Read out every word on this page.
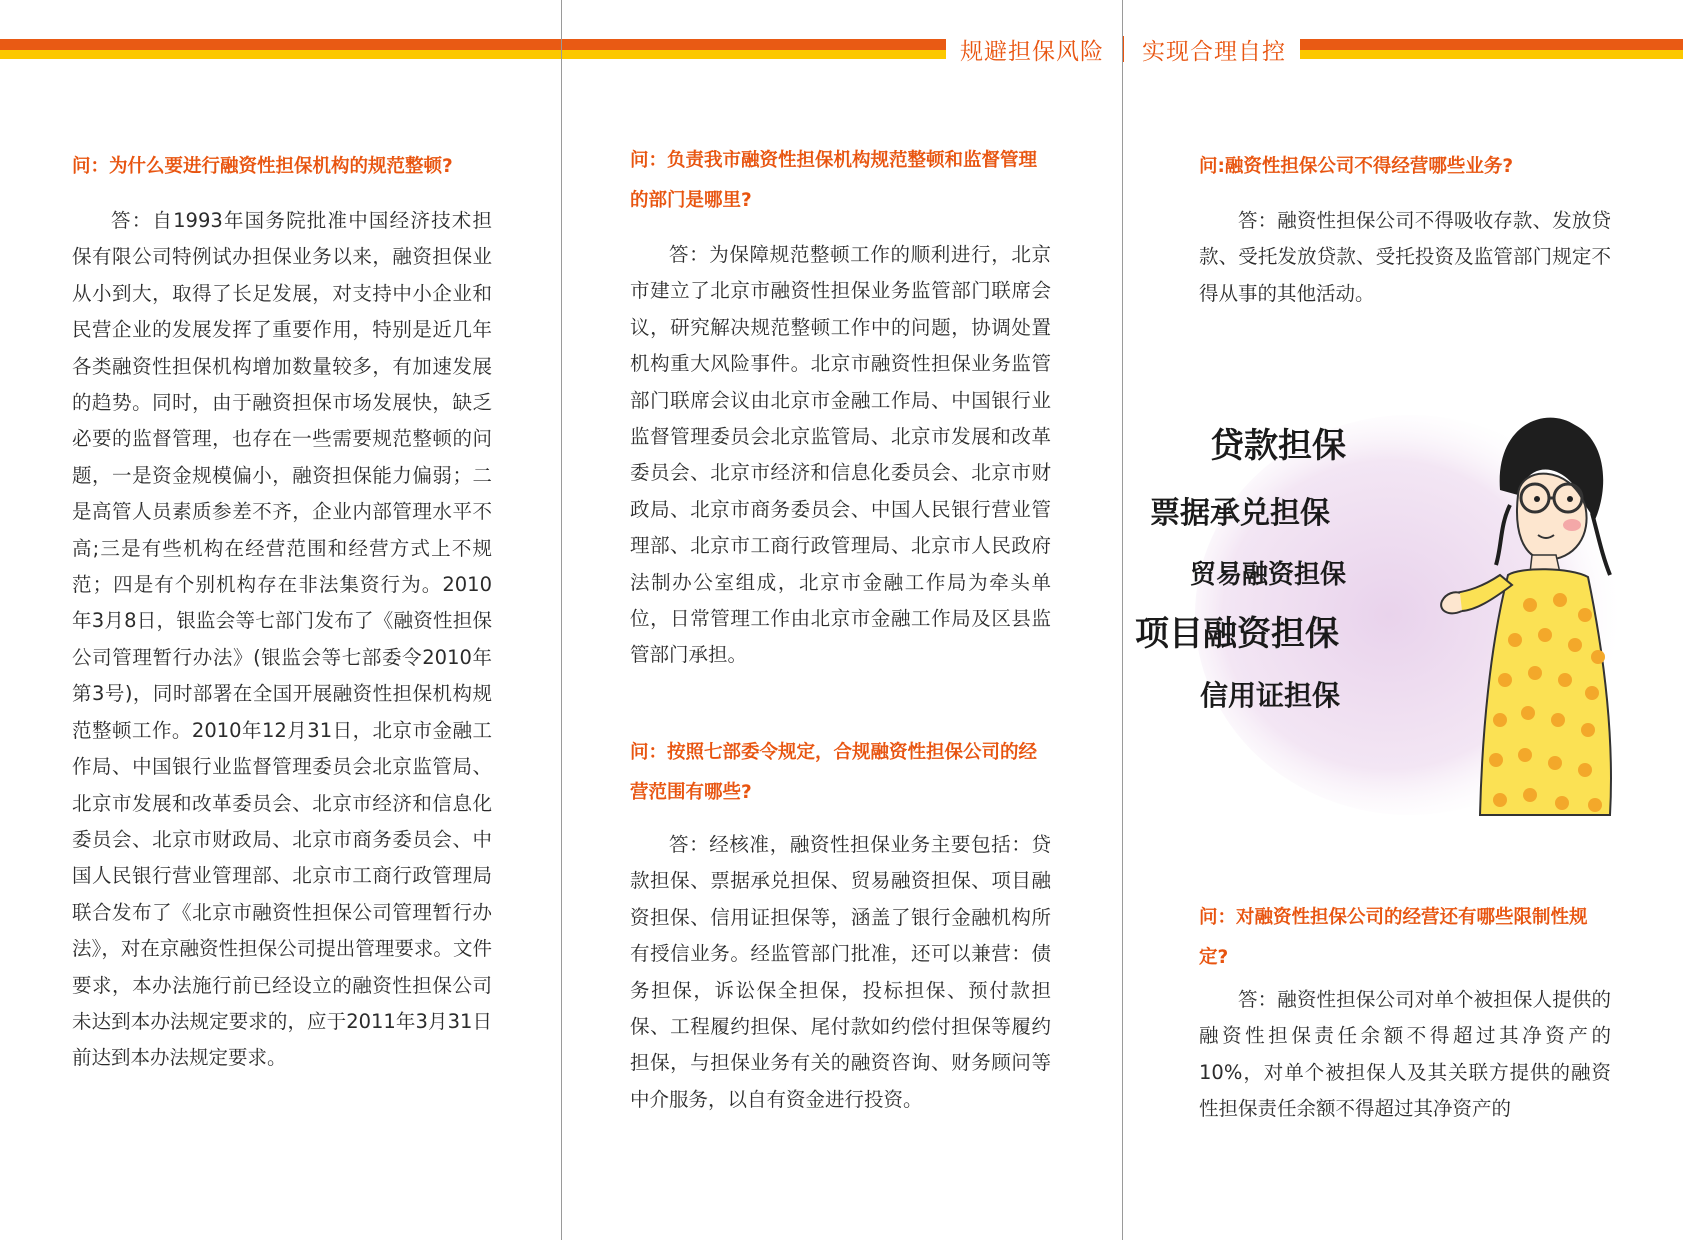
规避担保风险 实现合理自控

问：为什么要进行融资性担保机构的规范整顿?

答：自1993年国务院批准中国经济技术担保有限公司特例试办担保业务以来，融资担保业从小到大，取得了长足发展，对支持中小企业和民营企业的发展发挥了重要作用，特别是近几年各类融资性担保机构增加数量较多，有加速发展的趋势。同时，由于融资担保市场发展快，缺乏必要的监督管理，也存在一些需要规范整顿的问题，一是资金规模偏小，融资担保能力偏弱；二是高管人员素质参差不齐，企业内部管理水平不高;三是有些机构在经营范围和经营方式上不规范；四是有个别机构存在非法集资行为。2010年3月8日，银监会等七部门发布了《融资性担保公司管理暂行办法》(银监会等七部委令2010年第3号)，同时部署在全国开展融资性担保机构规范整顿工作。2010年12月31日，北京市金融工作局、中国银行业监督管理委员会北京监管局、北京市发展和改革委员会、北京市经济和信息化委员会、北京市财政局、北京市商务委员会、中国人民银行营业管理部、北京市工商行政管理局联合发布了《北京市融资性担保公司管理暂行办法》，对在京融资性担保公司提出管理要求。文件要求，本办法施行前已经设立的融资性担保公司未达到本办法规定要求的，应于2011年3月31日前达到本办法规定要求。

问：负责我市融资性担保机构规范整顿和监督管理的部门是哪里?

答：为保障规范整顿工作的顺利进行，北京市建立了北京市融资性担保业务监管部门联席会议，研究解决规范整顿工作中的问题，协调处置机构重大风险事件。北京市融资性担保业务监管部门联席会议由北京市金融工作局、中国银行业监督管理委员会北京监管局、北京市发展和改革委员会、北京市经济和信息化委员会、北京市财政局、北京市商务委员会、中国人民银行营业管理部、北京市工商行政管理局、北京市人民政府法制办公室组成，北京市金融工作局为牵头单位，日常管理工作由北京市金融工作局及区县监管部门承担。

问：按照七部委令规定，合规融资性担保公司的经营范围有哪些?

答：经核准，融资性担保业务主要包括：贷款担保、票据承兑担保、贸易融资担保、项目融资担保、信用证担保等，涵盖了银行金融机构所有授信业务。经监管部门批准，还可以兼营：债务担保，诉讼保全担保，投标担保、预付款担保、工程履约担保、尾付款如约偿付担保等履约担保，与担保业务有关的融资咨询、财务顾问等中介服务，以自有资金进行投资。

问:融资性担保公司不得经营哪些业务?

答：融资性担保公司不得吸收存款、发放贷款、受托发放贷款、受托投资及监管部门规定不得从事的其他活动。

贷款担保
票据承兑担保
贸易融资担保
项目融资担保
信用证担保

问：对融资性担保公司的经营还有哪些限制性规定?

答：融资性担保公司对单个被担保人提供的融资性担保责任余额不得超过其净资产的10%，对单个被担保人及其关联方提供的融资性担保责任余额不得超过其净资产的
